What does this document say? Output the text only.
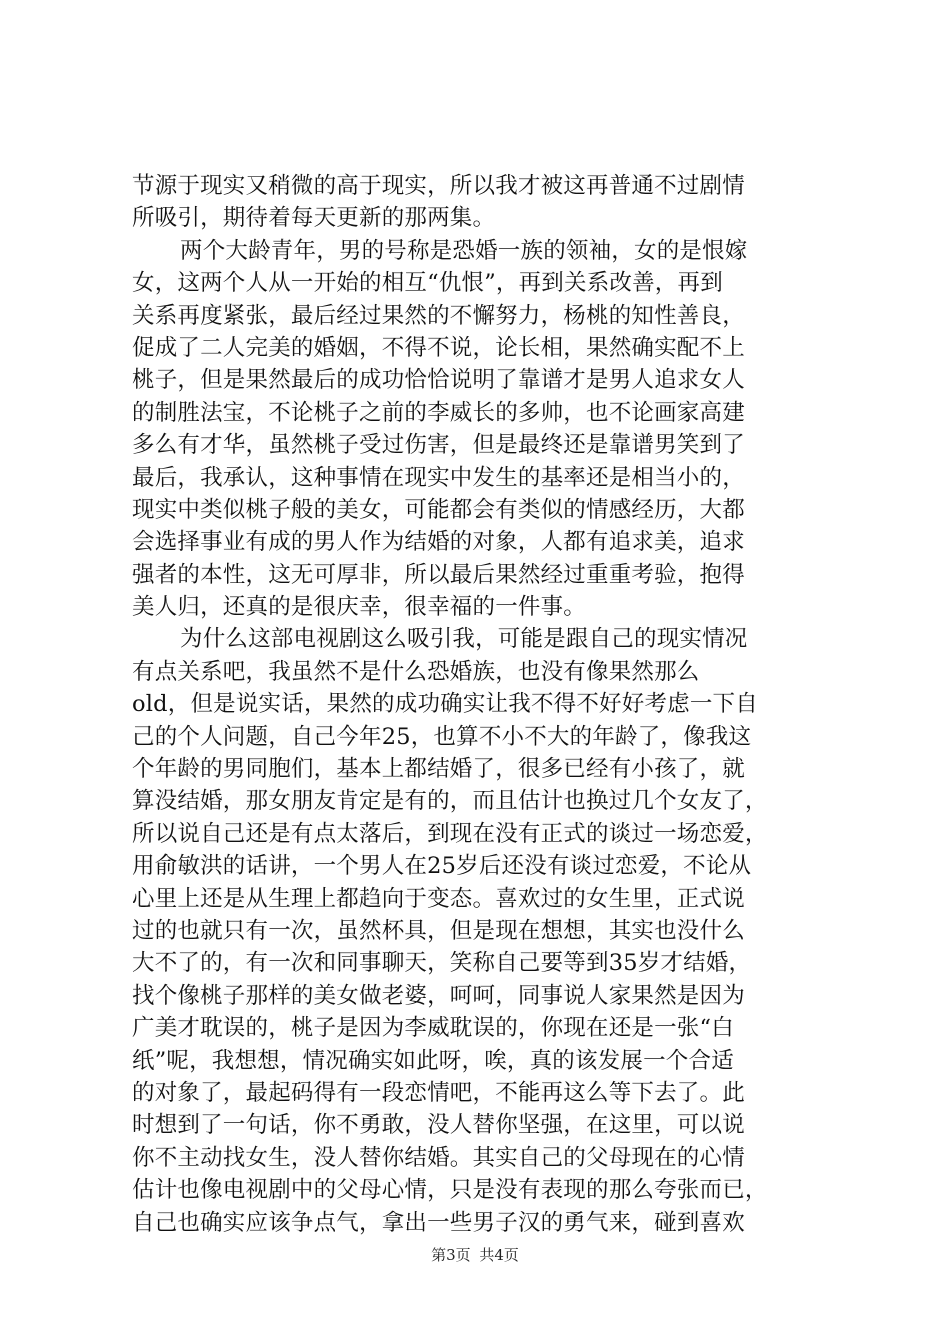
节源于现实又稍微的高于现实，所以我才被这再普通不过剧情
所吸引，期待着每天更新的那两集。
两个大龄青年，男的号称是恐婚一族的领袖，女的是恨嫁
女，这两个人从一开始的相互“仇恨”，再到关系改善，再到
关系再度紧张，最后经过果然的不懈努力，杨桃的知性善良，
促成了二人完美的婚姻，不得不说，论长相，果然确实配不上
桃子，但是果然最后的成功恰恰说明了靠谱才是男人追求女人
的制胜法宝，不论桃子之前的李威长的多帅，也不论画家高建
多么有才华，虽然桃子受过伤害，但是最终还是靠谱男笑到了
最后，我承认，这种事情在现实中发生的基率还是相当小的，
现实中类似桃子般的美女，可能都会有类似的情感经历，大都
会选择事业有成的男人作为结婚的对象，人都有追求美，追求
强者的本性，这无可厚非，所以最后果然经过重重考验，抱得
美人归，还真的是很庆幸，很幸福的一件事。
为什么这部电视剧这么吸引我，可能是跟自己的现实情况
有点关系吧，我虽然不是什么恐婚族，也没有像果然那么
old，但是说实话，果然的成功确实让我不得不好好考虑一下自
己的个人问题，自己今年25，也算不小不大的年龄了，像我这
个年龄的男同胞们，基本上都结婚了，很多已经有小孩了，就
算没结婚，那女朋友肯定是有的，而且估计也换过几个女友了，
所以说自己还是有点太落后，到现在没有正式的谈过一场恋爱，
用俞敏洪的话讲，一个男人在25岁后还没有谈过恋爱，不论从
心里上还是从生理上都趋向于变态。喜欢过的女生里，正式说
过的也就只有一次，虽然杯具，但是现在想想，其实也没什么
大不了的，有一次和同事聊天，笑称自己要等到35岁才结婚，
找个像桃子那样的美女做老婆，呵呵，同事说人家果然是因为
广美才耽误的，桃子是因为李威耽误的，你现在还是一张“白
纸”呢，我想想，情况确实如此呀，唉，真的该发展一个合适
的对象了，最起码得有一段恋情吧，不能再这么等下去了。此
时想到了一句话，你不勇敢，没人替你坚强，在这里，可以说
你不主动找女生，没人替你结婚。其实自己的父母现在的心情
估计也像电视剧中的父母心情，只是没有表现的那么夸张而已，
自己也确实应该争点气，拿出一些男子汉的勇气来，碰到喜欢
第3页 共4页
